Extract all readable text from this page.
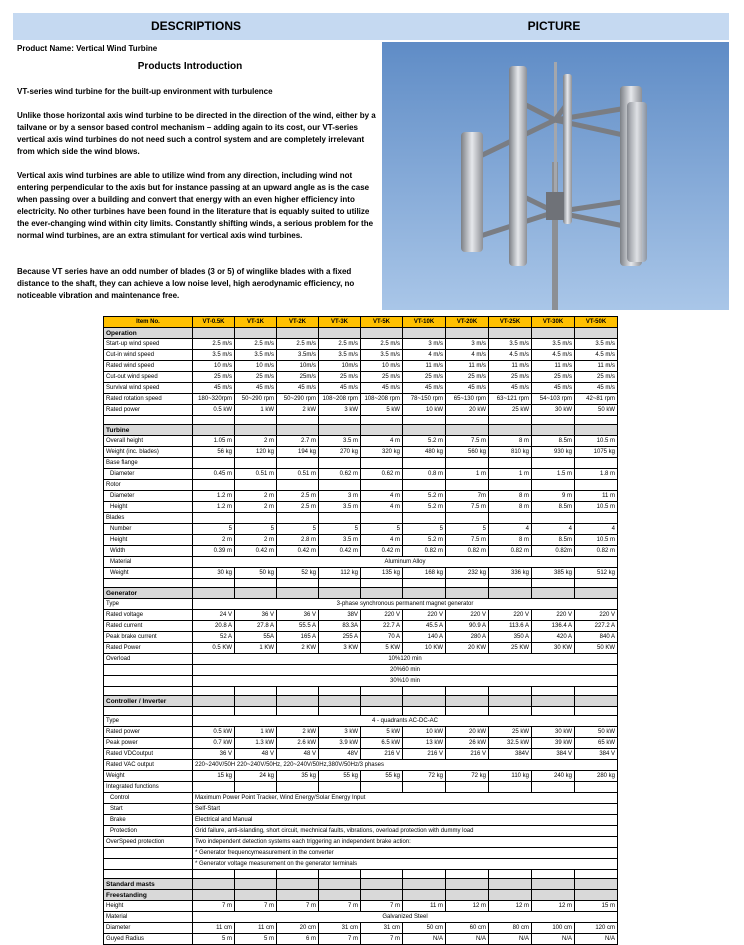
DESCRIPTIONS	PICTURE
Product Name: Vertical Wind Turbine
Products Introduction
VT-series wind turbine for the built-up environment with turbulence
Unlike those horizontal axis wind turbine to be directed in the direction of the wind, either by a tailvane or by a sensor based control mechanism – adding again to its cost, our VT-series vertical axis wind turbines do not need such a control system and are completely irrelevant from which side the wind blows.
Vertical axis wind turbines are able to utilize wind from any direction, including wind not entering perpendicular to the axis but for instance passing at an upward angle as is the case when passing over a building and convert that energy with an even higher efficiency into electricity. No other turbines have been found in the literature that is equably suited to utilize the ever-changing wind within city limits. Constantly shifting winds, a serious problem for the normal wind turbines, are an extra stimulant for vertical axis wind turbines.
Because VT series have an odd number of blades (3 or 5) of winglike blades with a fixed distance to the shaft, they can achieve a low noise level, high aerodynamic efficiency, no noticeable vibration and maintenance free.
Item No.	VT-0.5K	VT-1K	VT-2K	VT-3K	VT-5K	VT-10K	VT-20K	VT-25K	VT-30K	VT-50K
Operation										
Start-up wind speed	2.5 m/s	2.5 m/s	2.5 m/s	2.5 m/s	2.5 m/s	3 m/s	3 m/s	3.5 m/s	3.5 m/s	3.5 m/s
Cut-in wind speed	3.5 m/s	3.5 m/s	3.5m/s	3.5 m/s	3.5 m/s	4 m/s	4 m/s	4.5 m/s	4.5 m/s	4.5 m/s
Rated wind speed	10 m/s	10 m/s	10m/s	10m/s	10 m/s	11 m/s	11 m/s	11 m/s	11 m/s	11 m/s
Cut-out wind speed	25 m/s	25 m/s	25m/s	25 m/s	25 m/s	25 m/s	25 m/s	25 m/s	25 m/s	25 m/s
Survival wind speed	45 m/s	45 m/s	45 m/s	45 m/s	45 m/s	45 m/s	45 m/s	45 m/s	45 m/s	45 m/s
Rated rotation speed	180~320rpm	50~290 rpm	50~290 rpm	108~208 rpm	108~208 rpm	78~150 rpm	65~130 rpm	63~121 rpm	54~103 rpm	42~81 rpm
Rated power	0.5 kW	1 kW	2 kW	3 kW	5 kW	10 kW	20 kW	25 kW	30 kW	50 kW

Turbine										
Overall height	1.05 m	2 m	2.7 m	3.5 m	4 m	5.2 m	7.5 m	8 m	8.5m	10.5 m
Weight (inc. blades)	56 kg	120 kg	194 kg	270 kg	320 kg	480 kg	560 kg	810 kg	930 kg	1075 kg
Base flange										
Diameter	0.45 m	0.51 m	0.51 m	0.62 m	0.62 m	0.8 m	1 m	1 m	1.5 m	1.8 m
Rotor										
Diameter	1.2 m	2 m	2.5 m	3 m	4 m	5.2 m	7m	8 m	9 m	11 m
Height	1.2 m	2 m	2.5 m	3.5 m	4 m	5.2 m	7.5 m	8 m	8.5m	10.5 m
Blades										
Number	5	5	5	5	5	5	5	4	4	4
Height	2 m	2 m	2.8 m	3.5 m	4 m	5.2 m	7.5 m	8 m	8.5m	10.5 m
Width	0.39 m	0.42 m	0.42 m	0.42 m	0.42 m	0.82 m	0.82 m	0.82 m	0.82m	0.82 m
Material	Aluminum Alloy									
Weight	30 kg	50 kg	52 kg	112 kg	135 kg	168 kg	232 kg	336 kg	385 kg	512 kg

Generator										
Type	3-phase synchronous permanent magnet generator									
Rated voltage	24 V	36 V	36 V	38V	220 V	220 V	220 V	220 V	220 V	220 V
Rated current	20.8 A	27.8 A	55.5 A	83.3A	22.7 A	45.5 A	90.9 A	113.6 A	136.4 A	227.2 A
Peak brake current	52 A	55A	165 A	255 A	70 A	140 A	280 A	350 A	420 A	840 A
Rated Power	0.5 KW	1 KW	2 KW	3 KW	5 KW	10 KW	20 KW	25 KW	30 KW	50 KW
Overload	10%120 min									
	20%60 min									
	30%10 min									

Controller / Inverter										

Type	4 - quadrants AC-DC-AC									
Rated power	0.5 kW	1 kW	2 kW	3 kW	5 kW	10 kW	20 kW	25 kW	30 kW	50 kW
Peak power	0.7 kW	1.3 kW	2.6 kW	3.9 kW	6.5 kW	13 kW	26 kW	32.5 kW	39 kW	65 kW
Rated VDCoutput	36 V	48 V	48 V	48V	216 V	216 V	216 V	384V	384 V	384 V
Rated VAC output	220~240V/50H 220~240V/50Hz, 220~240V/50Hz,380V/50Hz/3 phases									
Weight	15 kg	24 kg	35 kg	55 kg	55 kg	72 kg	72 kg	110 kg	240 kg	280 kg
Integrated functions										
Control	Maximum Power Point Tracker, Wind Energy/Solar Energy Input									
Start	Self-Start									
Brake	Electrical and Manual									
Protection	Grid failure, anti-islanding, short circuit, mechnical faults, vibrations, overload protection with dummy load									
OverSpeed protection	Two independent detection systems each triggering an independent brake action:									
	* Generator frequencymeasurement in the converter									
	* Generator voltage measurement on the generator terminals									

Standard masts										
Freestanding										
Height	7 m	7 m	7 m	7 m	7 m	11 m	12 m	12 m	12 m	15 m
Material	Galvanized Steel									
Diameter	11 cm	11 cm	20 cm	31 cm	31 cm	50 cm	60 cm	80 cm	100 cm	120 cm
Guyed Radius	5 m	5 m	6 m	7 m	7 m	N/A	N/A	N/A	N/A	N/A
